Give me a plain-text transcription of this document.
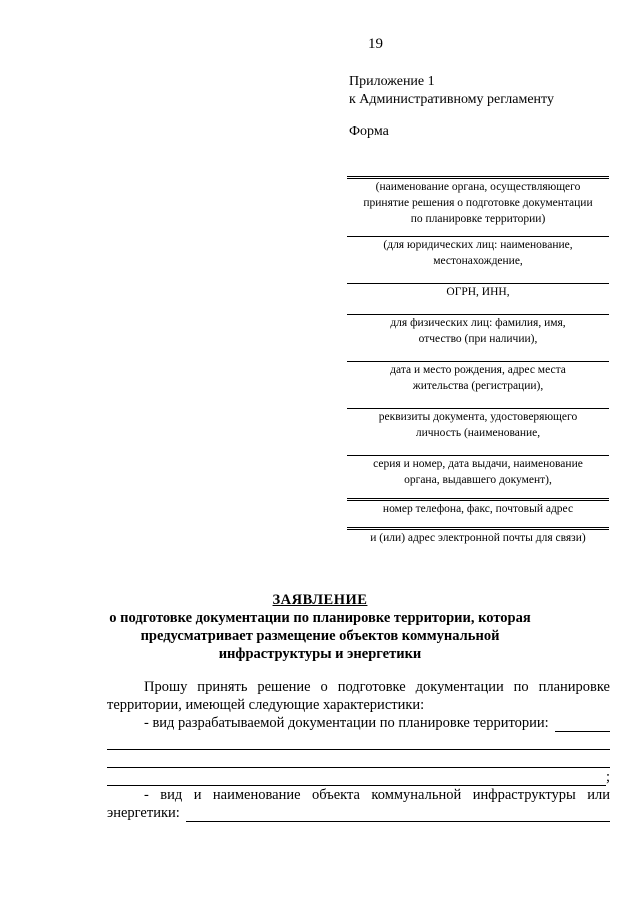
19
Приложение 1
к Административному регламенту
Форма
(наименование органа, осуществляющего
принятие решения о подготовке документации
по планировке территории)
(для юридических лиц: наименование,
местонахождение,
ОГРН, ИНН,
для физических лиц: фамилия, имя,
отчество (при наличии),
дата и место рождения, адрес места
жительства (регистрации),
реквизиты документа, удостоверяющего
личность (наименование,
серия и номер, дата выдачи, наименование
органа, выдавшего документ),
номер телефона, факс, почтовый адрес
и (или) адрес электронной почты для связи)
ЗАЯВЛЕНИЕ
о подготовке документации по планировке территории, которая
предусматривает размещение объектов коммунальной
инфраструктуры и энергетики
Прошу принять решение о подготовке документации по планировке
территории, имеющей следующие характеристики:
- вид разрабатываемой документации по планировке территории:
;
- вид и наименование объекта коммунальной инфраструктуры или
энергетики:
